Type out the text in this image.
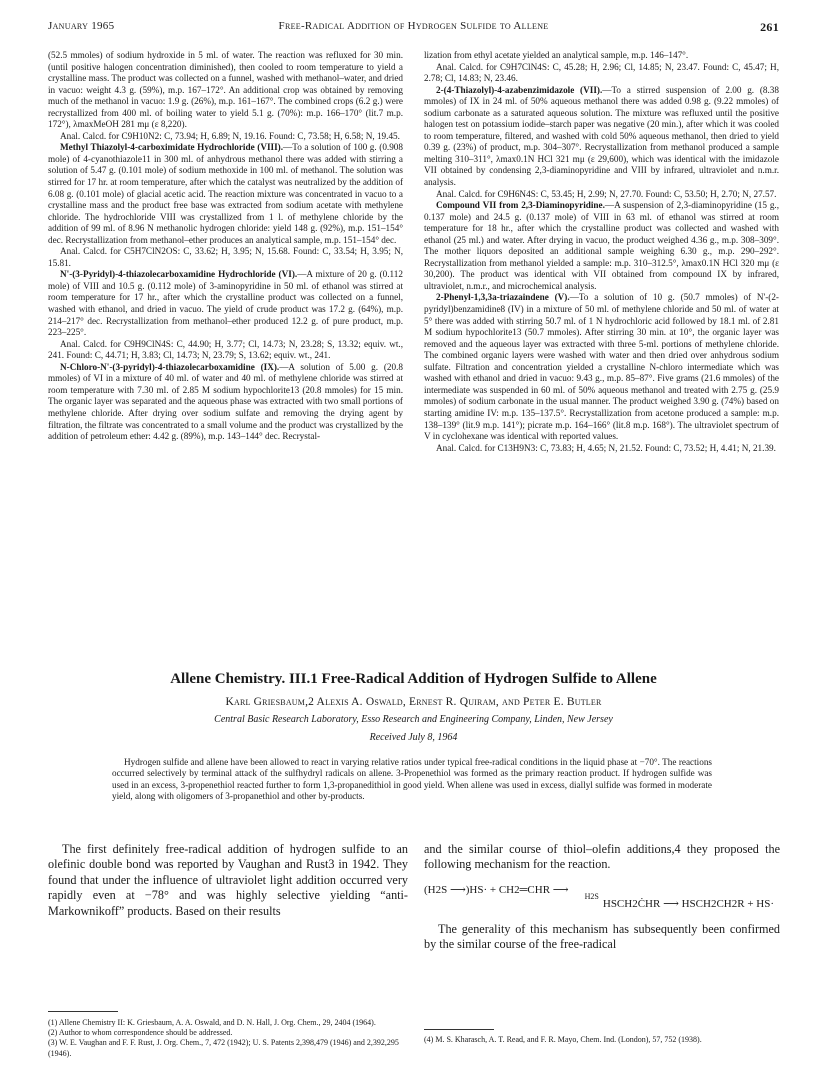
January 1965	Free-Radical Addition of Hydrogen Sulfide to Allene	261

(52.5 mmoles) of sodium hydroxide in 5 ml. of water. The reaction was refluxed for 30 min. (until positive halogen concentration diminished), then cooled to room temperature to yield a crystalline mass. The product was collected on a funnel, washed with methanol–water, and dried in vacuo: weight 4.3 g. (59%), m.p. 167–172°. An additional crop was obtained by removing much of the methanol in vacuo: 1.9 g. (26%), m.p. 161–167°. The combined crops (6.2 g.) were recrystallized from 400 ml. of boiling water to yield 5.1 g. (70%): m.p. 166–170° (lit.7 m.p. 172°), λmaxMeOH 281 mμ (ε 8,220).

Anal. Calcd. for C9H10N2: C, 73.94; H, 6.89; N, 19.16. Found: C, 73.58; H, 6.58; N, 19.45.

Methyl Thiazolyl-4-carboximidate Hydrochloride (VIII).—To a solution of 100 g. (0.908 mole) of 4-cyanothiazole11 in 300 ml. of anhydrous methanol there was added with stirring a solution of 5.47 g. (0.101 mole) of sodium methoxide in 100 ml. of methanol. The solution was stirred for 17 hr. at room temperature, after which the catalyst was neutralized by the addition of 6.08 g. (0.101 mole) of glacial acetic acid. The reaction mixture was concentrated in vacuo to a crystalline mass and the product free base was extracted from sodium acetate with methylene chloride. The hydrochloride VIII was crystallized from 1 l. of methylene chloride by the addition of 99 ml. of 8.96 N methanolic hydrogen chloride: yield 148 g. (92%), m.p. 151–154° dec. Recrystallization from methanol–ether produces an analytical sample, m.p. 151–154° dec.

Anal. Calcd. for C5H7ClN2OS: C, 33.62; H, 3.95; N, 15.68. Found: C, 33.54; H, 3.95; N, 15.81.

N'-(3-Pyridyl)-4-thiazolecarboxamidine Hydrochloride (VI).—A mixture of 20 g. (0.112 mole) of VIII and 10.5 g. (0.112 mole) of 3-aminopyridine in 50 ml. of ethanol was stirred at room temperature for 17 hr., after which the crystalline product was collected on a funnel, washed with ethanol, and dried in vacuo. The yield of crude product was 17.2 g. (64%), m.p. 214–217° dec. Recrystallization from methanol–ether produced 12.2 g. of pure product, m.p. 223–225°.

Anal. Calcd. for C9H9ClN4S: C, 44.90; H, 3.77; Cl, 14.73; N, 23.28; S, 13.32; equiv. wt., 241. Found: C, 44.71; H, 3.83; Cl, 14.73; N, 23.79; S, 13.62; equiv. wt., 241.

N-Chloro-N'-(3-pyridyl)-4-thiazolecarboxamidine (IX).—A solution of 5.00 g. (20.8 mmoles) of VI in a mixture of 40 ml. of water and 40 ml. of methylene chloride was stirred at room temperature with 7.30 ml. of 2.85 M sodium hypochlorite13 (20.8 mmoles) for 15 min. The organic layer was separated and the aqueous phase was extracted with two small portions of methylene chloride. After drying over sodium sulfate and removing the drying agent by filtration, the filtrate was concentrated to a small volume and the product was crystallized by the addition of petroleum ether: 4.42 g. (89%), m.p. 143–144° dec. Recrystal-

lization from ethyl acetate yielded an analytical sample, m.p. 146–147°.

Anal. Calcd. for C9H7ClN4S: C, 45.28; H, 2.96; Cl, 14.85; N, 23.47. Found: C, 45.47; H, 2.78; Cl, 14.83; N, 23.46.

2-(4-Thiazolyl)-4-azabenzimidazole (VII).—To a stirred suspension of 2.00 g. (8.38 mmoles) of IX in 24 ml. of 50% aqueous methanol there was added 0.98 g. (9.22 mmoles) of sodium carbonate as a saturated aqueous solution. The mixture was refluxed until the positive halogen test on potassium iodide–starch paper was negative (20 min.), after which it was cooled to room temperature, filtered, and washed with cold 50% aqueous methanol, then dried to yield 0.39 g. (23%) of product, m.p. 304–307°. Recrystallization from methanol produced a sample melting 310–311°, λmax0.1N HCl 321 mμ (ε 29,600), which was identical with the imidazole VII obtained by condensing 2,3-diaminopyridine and VIII by infrared, ultraviolet and n.m.r. analysis.

Anal. Calcd. for C9H6N4S: C, 53.45; H, 2.99; N, 27.70. Found: C, 53.50; H, 2.70; N, 27.57.

Compound VII from 2,3-Diaminopyridine.—A suspension of 2,3-diaminopyridine (15 g., 0.137 mole) and 24.5 g. (0.137 mole) of VIII in 63 ml. of ethanol was stirred at room temperature for 18 hr., after which the crystalline product was collected and washed with ethanol (25 ml.) and water. After drying in vacuo, the product weighed 4.36 g., m.p. 308–309°. The mother liquors deposited an additional sample weighing 6.30 g., m.p. 290–292°. Recrystallization from methanol yielded a sample: m.p. 310–312.5°, λmax0.1N HCl 320 mμ (ε 30,200). The product was identical with VII obtained from compound IX by infrared, ultraviolet, n.m.r., and microchemical analysis.

2-Phenyl-1,3,3a-triazaindene (V).—To a solution of 10 g. (50.7 mmoles) of N'-(2-pyridyl)benzamidine8 (IV) in a mixture of 50 ml. of methylene chloride and 50 ml. of water at 5° there was added with stirring 50.7 ml. of 1 N hydrochloric acid followed by 18.1 ml. of 2.81 M sodium hypochlorite13 (50.7 mmoles). After stirring 30 min. at 10°, the organic layer was removed and the aqueous layer was extracted with three 5-ml. portions of methylene chloride. The combined organic layers were washed with water and then dried over anhydrous sodium sulfate. Filtration and concentration yielded a crystalline N-chloro intermediate which was washed with ethanol and dried in vacuo: 9.43 g., m.p. 85–87°. Five grams (21.6 mmoles) of the intermediate was suspended in 60 ml. of 50% aqueous methanol and treated with 2.75 g. (25.9 mmoles) of sodium carbonate in the usual manner. The product weighed 3.90 g. (74%) based on starting amidine IV: m.p. 135–137.5°. Recrystallization from acetone produced a sample: m.p. 138–139° (lit.9 m.p. 141°); picrate m.p. 164–166° (lit.8 m.p. 168°). The ultraviolet spectrum of V in cyclohexane was identical with reported values.

Anal. Calcd. for C13H9N3: C, 73.83; H, 4.65; N, 21.52. Found: C, 73.52; H, 4.41; N, 21.39.

Allene Chemistry. III.1 Free-Radical Addition of Hydrogen Sulfide to Allene
Karl Griesbaum,2 Alexis A. Oswald, Ernest R. Quiram, and Peter E. Butler
Central Basic Research Laboratory, Esso Research and Engineering Company, Linden, New Jersey
Received July 8, 1964

Hydrogen sulfide and allene have been allowed to react in varying relative ratios under typical free-radical conditions in the liquid phase at −70°. The reactions occurred selectively by terminal attack of the sulfhydryl radicals on allene. 3-Propenethiol was formed as the primary reaction product. If hydrogen sulfide was used in an excess, 3-propenethiol reacted further to form 1,3-propanedithiol in good yield. When allene was used in excess, diallyl sulfide was formed in moderate yield, along with oligomers of 3-propanethiol and other by-products.

The first definitely free-radical addition of hydrogen sulfide to an olefinic double bond was reported by Vaughan and Rust3 in 1942. They found that under the influence of ultraviolet light addition occurred very rapidly even at −78° and was highly selective yielding “anti-Markownikoff” products. Based on their results

and the similar course of thiol–olefin additions,4 they proposed the following mechanism for the reaction.

(H2S ⟶)HS· + CH2═CHR ⟶
$^{H2S}$HSCH2ĊHR ⟶ HSCH2CH2R + HS·

The generality of this mechanism has subsequently been confirmed by the similar course of the free-radical

(1) Allene Chemistry II: K. Griesbaum, A. A. Oswald, and D. N. Hall, J. Org. Chem., 29, 2404 (1964).

(2) Author to whom correspondence should be addressed.

(3) W. E. Vaughan and F. F. Rust, J. Org. Chem., 7, 472 (1942); U. S. Patents 2,398,479 (1946) and 2,392,295 (1946).

(4) M. S. Kharasch, A. T. Read, and F. R. Mayo, Chem. Ind. (London), 57, 752 (1938).
